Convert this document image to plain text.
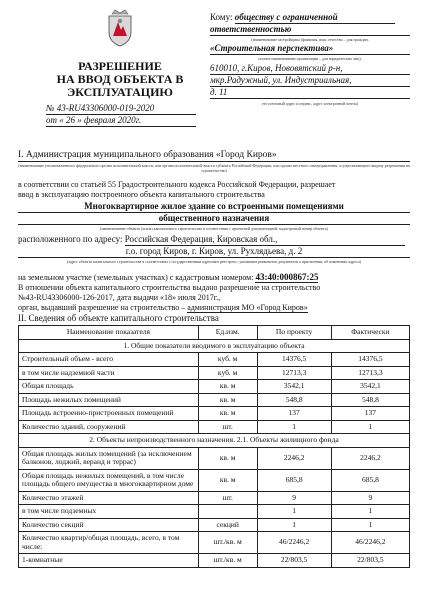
Кому: обществу с ограниченной
ответственностью
(наименование застройщика (фамилия, имя, отчество – для граждан,
«Строительная перспектива»
полное наименование организации – для юридических лиц),
610010, г.Киров, Нововятский р-н,
мкр.Радужный, ул. Индустриальная,
д. 11
его почтовый адрес и индекс, адрес электронной почты)
РАЗРЕШЕНИЕ
НА ВВОД ОБЪЕКТА В
ЭКСПЛУАТАЦИЮ
№ 43-RU43306000-019-2020
от « 26 » февраля 2020г.
I. Администрация муниципального образования «Город Киров»
(наименование уполномоченного федерального органа исполнительной власти, или органа исполнительной власти субъекта Российской Федерации, или органа местного самоуправления, осуществляющего выдачу разрешения на строительство)
в соответствии со статьей 55 Градостроительного кодекса Российской Федерации, разрешает
ввод в эксплуатацию построенного объекта капитального строительства
Многоквартирное жилое здание со встроенными помещениями
общественного назначения
(наименование объекта (этапа) капитального строительства в соответствии с проектной документацией, кадастровый номер объекта)
расположенного по адресу: Российская Федерация, Кировская обл.,
г.о. город Киров, г. Киров, ул. Рухлядьева, д. 2
(адрес объекта капитального строительства в соответствии с государственным адресным реестром с указанием реквизитов документов о присвоении, об изменении адреса)
на земельном участке (земельных участках) с кадастровым номером: 43:40:000867:25
В отношении объекта капитального строительства выдано разрешение на строительство
№43-RU43306000-126-2017, дата выдачи «18» июля 2017г.,
орган, выдавший разрешение на строительство – администрация МО «Город Киров»
II. Сведения об объекте капитального строительства
Наименование показателя	Ед.изм.	По проекту	Фактически
1. Общие показатели вводимого в эксплуатацию объекта			
Строительный объем - всего	куб. м	14376,5	14376,5
в том числе надземной части	куб. м	12713,3	12713,3
Общая площадь	кв. м	3542,1	3542,1
Площадь нежилых помещений	кв. м	548,8	548,8
Площадь встроенно-пристроенных помещений	кв. м	137	137
Количество зданий, сооружений	шт.	1	1
2. Объекты непроизводственного назначения. 2.1. Объекты жилищного фонда			
Общая площадь жилых помещений (за исключением балконов, лоджий, веранд и террас)	кв. м	2246,2	2246,2
Общая площадь нежилых помещений, в том числе площадь общего имущества в многоквартирном доме	кв. м	685,8	685,8
Количество этажей	шт.	9	9
в том числе подземных		1	1
Количество секций	секций	1	1
Количество квартир/общая площадь, всего, в том числе:	шт./кв. м	46/2246,2	46/2246,2
1-комнатные	шт./кв. м	22/803,5	22/803,5
